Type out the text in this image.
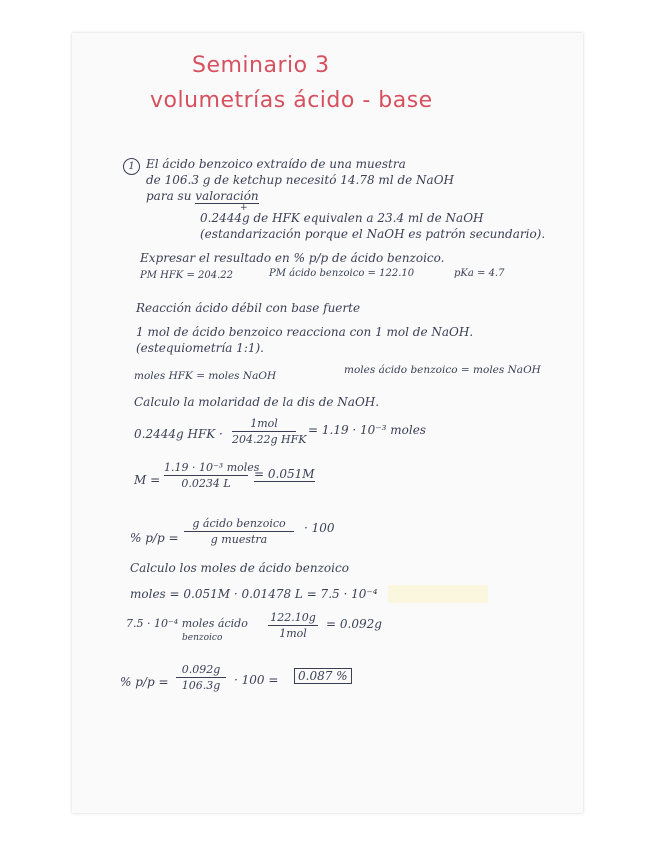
Seminario 3
volumetrías ácido - base
1 El ácido benzoico extraído de una muestra
de 106.3 g de ketchup necesitó 14.78 ml de NaOH
para su valoración
+
0.2444g de HFK equivalen a 23.4 ml de NaOH
(estandarización porque el NaOH es patrón secundario).
Expresar el resultado en % p/p de ácido benzoico.
PM HFK = 204.22	PM ácido benzoico = 122.10	pKa = 4.7
Reacción ácido débil con base fuerte
1 mol de ácido benzoico reacciona con 1 mol de NaOH.
(estequiometría 1:1).
moles HFK = moles NaOH	moles ácido benzoico = moles NaOH
Calculo la molaridad de la dis de NaOH.
0.2444g HFK ·
1mol
204.22g HFK
= 1.19 · 10⁻³ moles
M =
1.19 · 10⁻³ moles
0.0234 L
= 0.051M
% p/p =
g ácido benzoico
g muestra
· 100
Calculo los moles de ácido benzoico
moles = 0.051M · 0.01478 L = 7.5 · 10⁻⁴
7.5 · 10⁻⁴ moles ácido
benzoico
122.10g
1mol
= 0.092g
% p/p =
0.092g
106.3g	· 100 =	0.087 %
